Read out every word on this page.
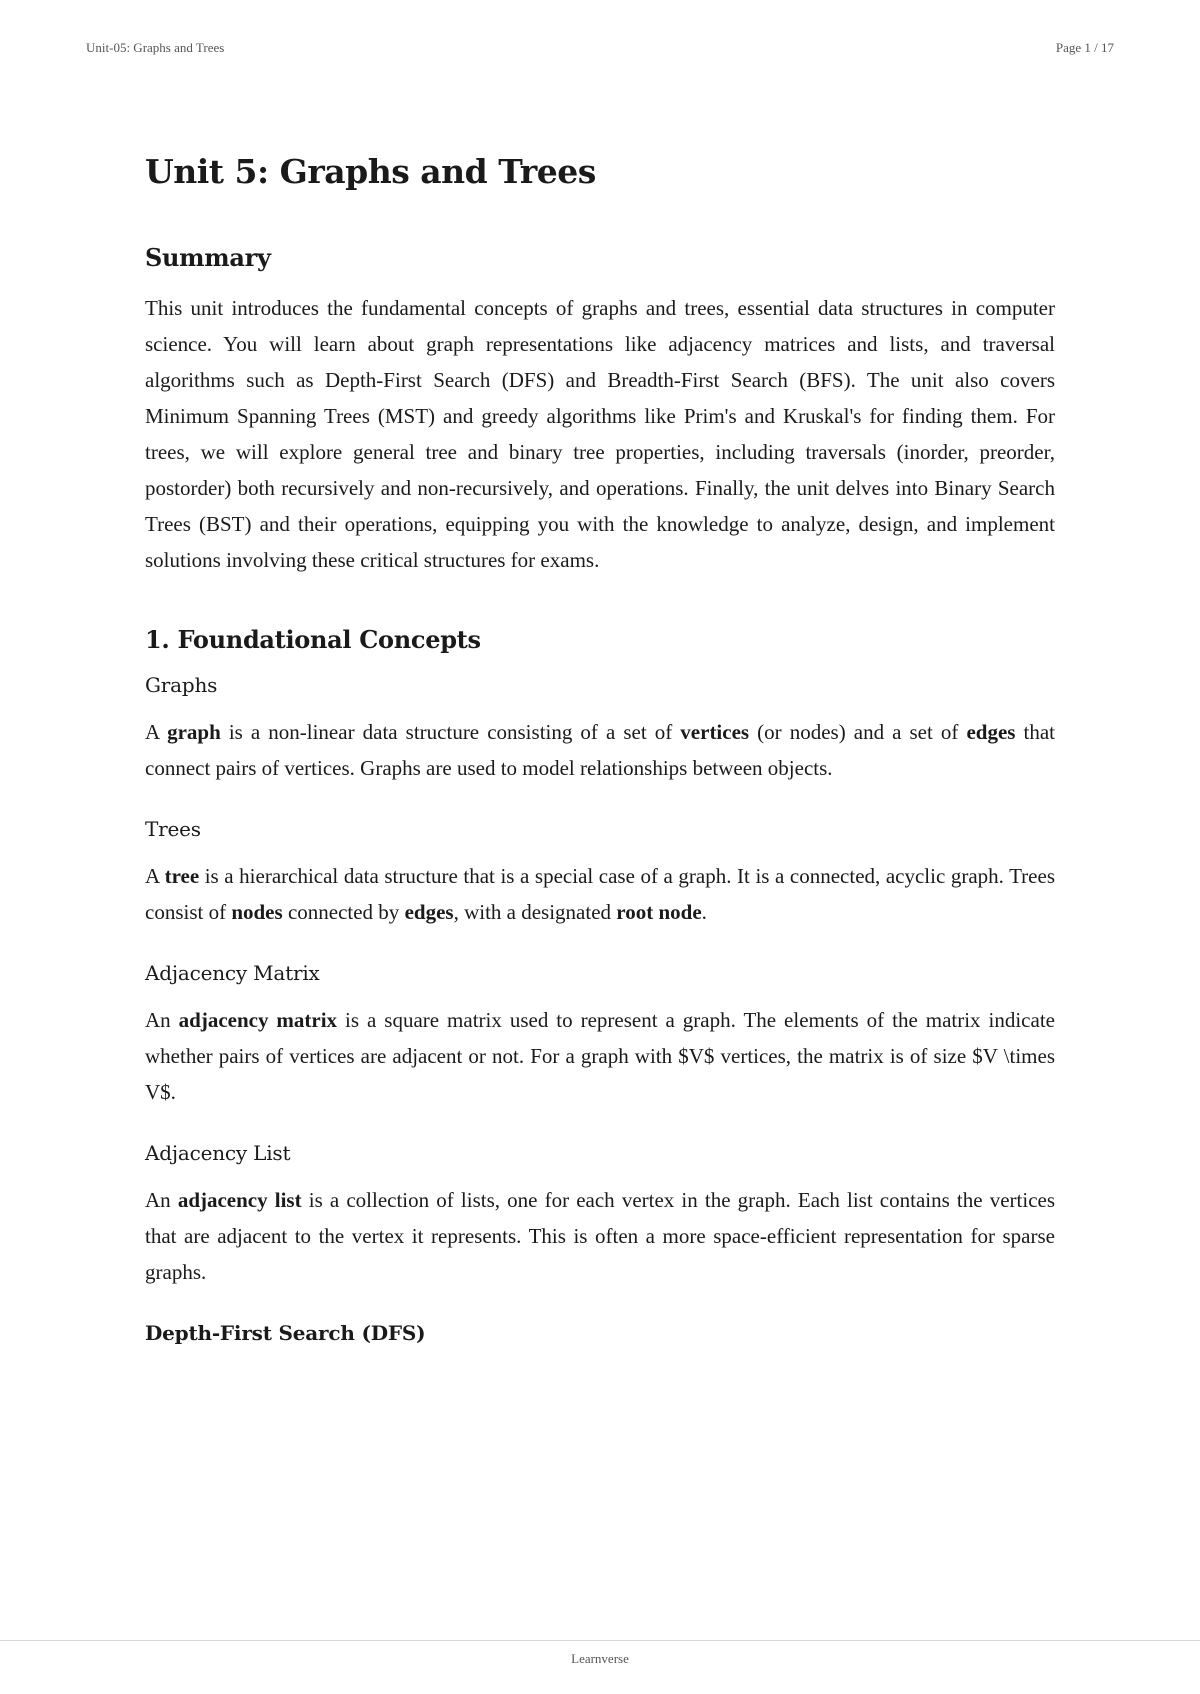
Unit-05: Graphs and Trees	Page 1 / 17
Unit 5: Graphs and Trees
Summary

This unit introduces the fundamental concepts of graphs and trees, essential data structures in computer science. You will learn about graph representations like adjacency matrices and lists, and traversal algorithms such as Depth-First Search (DFS) and Breadth-First Search (BFS). The unit also covers Minimum Spanning Trees (MST) and greedy algorithms like Prim's and Kruskal's for finding them. For trees, we will explore general tree and binary tree properties, including traversals (inorder, preorder, postorder) both recursively and non-recursively, and operations. Finally, the unit delves into Binary Search Trees (BST) and their operations, equipping you with the knowledge to analyze, design, and implement solutions involving these critical structures for exams.

1. Foundational Concepts
Graphs

A graph is a non-linear data structure consisting of a set of vertices (or nodes) and a set of edges that connect pairs of vertices. Graphs are used to model relationships between objects.

Trees

A tree is a hierarchical data structure that is a special case of a graph. It is a connected, acyclic graph. Trees consist of nodes connected by edges, with a designated root node.

Adjacency Matrix

An adjacency matrix is a square matrix used to represent a graph. The elements of the matrix indicate whether pairs of vertices are adjacent or not. For a graph with $V$ vertices, the matrix is of size $V \times V$.

Adjacency List

An adjacency list is a collection of lists, one for each vertex in the graph. Each list contains the vertices that are adjacent to the vertex it represents. This is often a more space-efficient representation for sparse graphs.

Depth-First Search (DFS)
Learnverse
